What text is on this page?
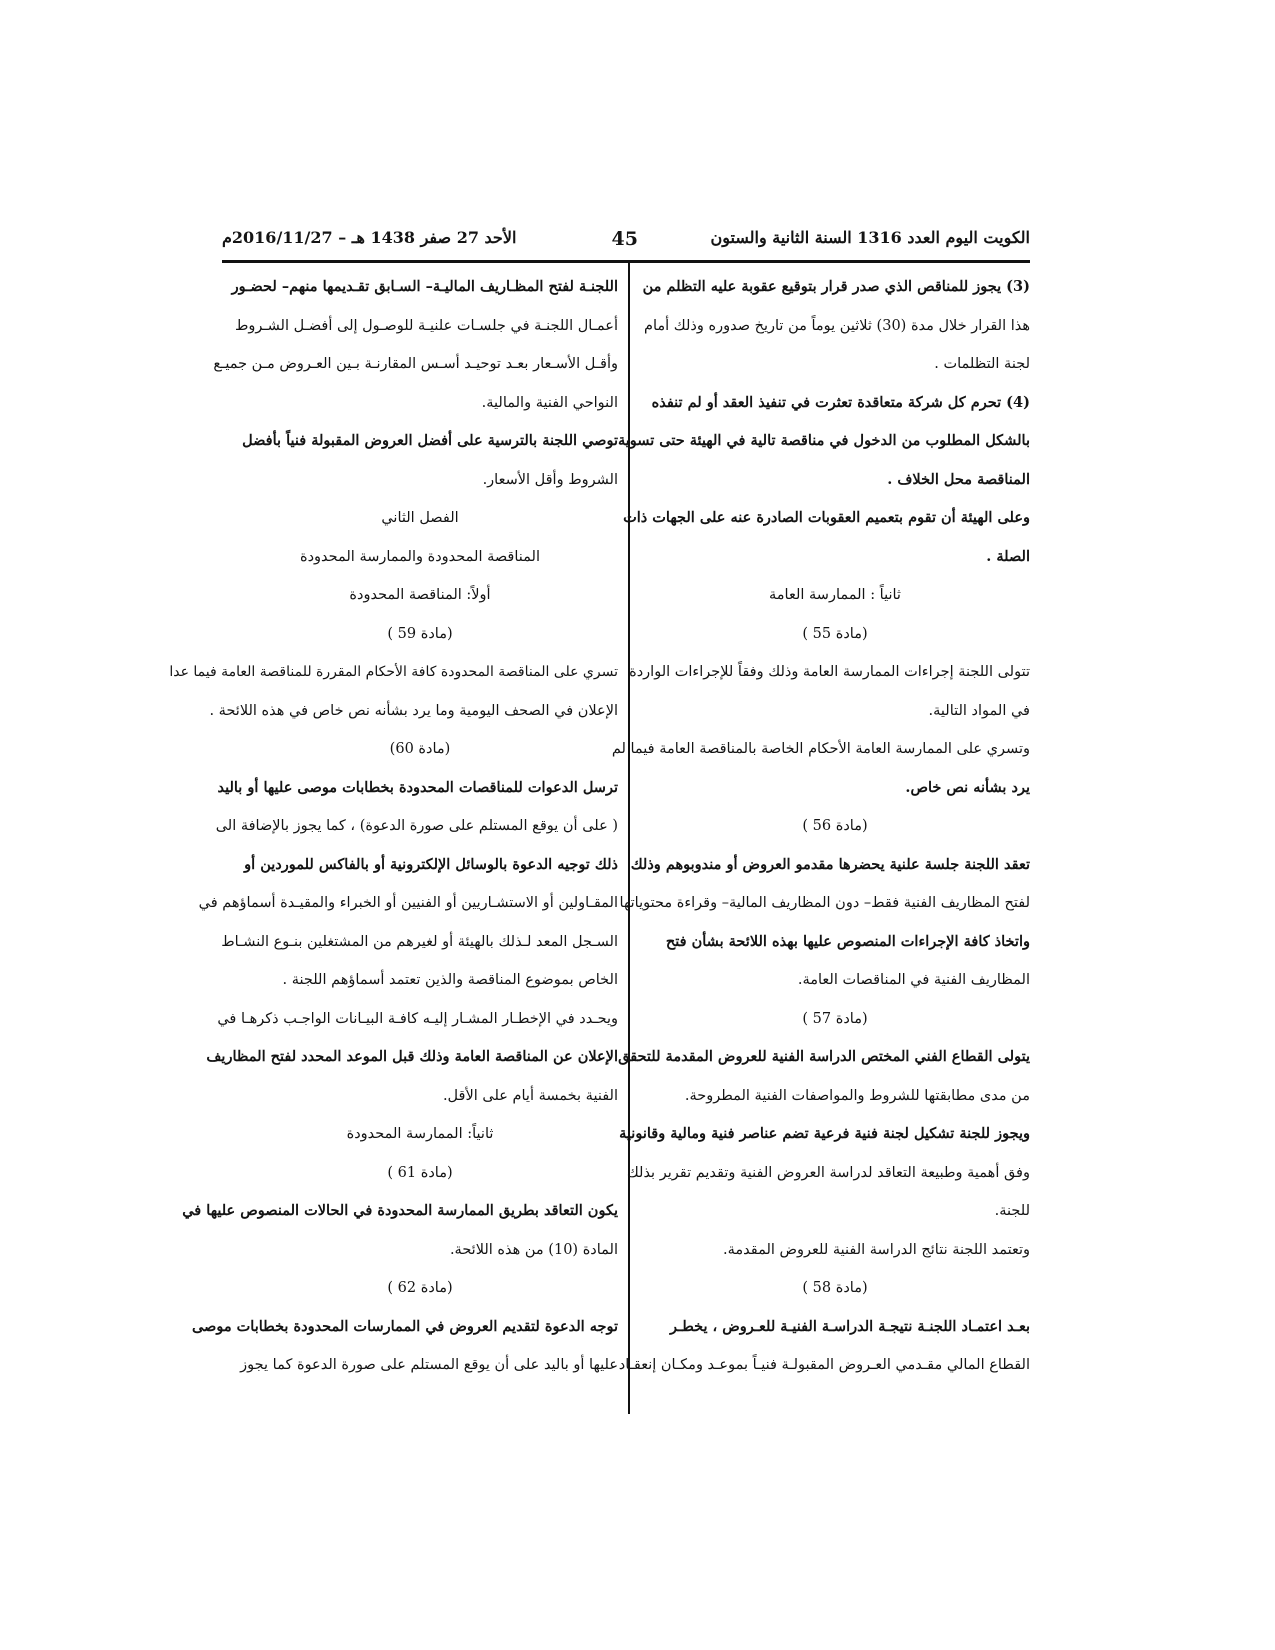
الكويت اليوم العدد 1316 السنة الثانية والستون
45
الأحد 27 صفر 1438 هـ – 2016/11/27م
(3) يجوز للمناقص الذي صدر قرار بتوقيع عقوبة عليه التظلم من
هذا القرار خلال مدة (30) ثلاثين يوماً من تاريخ صدوره وذلك أمام
لجنة التظلمات .
(4) تحرم كل شركة متعاقدة تعثرت في تنفيذ العقد أو لم تنفذه
بالشكل المطلوب من الدخول في مناقصة تالية في الهيئة حتى تسوية
المناقصة محل الخلاف .
وعلى الهيئة أن تقوم بتعميم العقوبات الصادرة عنه على الجهات ذات
الصلة .
ثانياً : الممارسة العامة
(مادة 55 )
تتولى اللجنة إجراءات الممارسة العامة وذلك وفقاً للإجراءات الواردة
في المواد التالية.
وتسري على الممارسة العامة الأحكام الخاصة بالمناقصة العامة فيما لم
يرد بشأنه نص خاص.
(مادة 56 )
تعقد اللجنة جلسة علنية يحضرها مقدمو العروض أو مندوبوهم وذلك
لفتح المظاريف الفنية فقط– دون المظاريف المالية– وقراءة محتوياتها
واتخاذ كافة الإجراءات المنصوص عليها بهذه اللائحة بشأن فتح
المظاريف الفنية في المناقصات العامة.
(مادة 57 )
يتولى القطاع الفني المختص الدراسة الفنية للعروض المقدمة للتحقق
من مدى مطابقتها للشروط والمواصفات الفنية المطروحة.
ويجوز للجنة تشكيل لجنة فنية فرعية تضم عناصر فنية ومالية وقانونية
وفق أهمية وطبيعة التعاقد لدراسة العروض الفنية وتقديم تقرير بذلك
للجنة.
وتعتمد اللجنة نتائج الدراسة الفنية للعروض المقدمة.
(مادة 58 )
بعـد اعتمـاد اللجنـة نتيجـة الدراسـة الفنيـة للعـروض ، يخطـر
القطاع المالي مقـدمي العـروض المقبولـة فنيـاً بموعـد ومكـان إنعقـاد
اللجنـة لفتح المظـاريف الماليـة– السـابق تقـديمها منهم– لحضـور
أعمـال اللجنـة في جلسـات علنيـة للوصـول إلى أفضـل الشـروط
وأقـل الأسـعار بعـد توحيـد أسـس المقارنـة بـين العـروض مـن جميـع
النواحي الفنية والمالية.
توصي اللجنة بالترسية على أفضل العروض المقبولة فنياً بأفضل
الشروط وأقل الأسعار.
الفصل الثاني
المناقصة المحدودة والممارسة المحدودة
أولاً: المناقصة المحدودة
(مادة 59 )
تسري على المناقصة المحدودة كافة الأحكام المقررة للمناقصة العامة فيما عدا
الإعلان في الصحف اليومية وما يرد بشأنه نص خاص في هذه اللائحة .
(مادة 60)
ترسل الدعوات للمناقصات المحدودة بخطابات موصى عليها أو باليد
( على أن يوقع المستلم على صورة الدعوة) ، كما يجوز بالإضافة الى
ذلك توجيه الدعوة بالوسائل الإلكترونية أو بالفاكس للموردين أو
المقـاولين أو الاستشـاريين أو الفنيين أو الخبراء والمقيـدة أسماؤهم في
السـجل المعد لـذلك بالهيئة أو لغيرهم من المشتغلين بنـوع النشـاط
الخاص بموضوع المناقصة والذين تعتمد أسماؤهم اللجنة .
ويحـدد في الإخطـار المشـار إليـه كافـة البيـانات الواجـب ذكرهـا في
الإعلان عن المناقصة العامة وذلك قبل الموعد المحدد لفتح المظاريف
الفنية بخمسة أيام على الأقل.
ثانياً: الممارسة المحدودة
(مادة 61 )
يكون التعاقد بطريق الممارسة المحدودة في الحالات المنصوص عليها في
المادة (10) من هذه اللائحة.
(مادة 62 )
توجه الدعوة لتقديم العروض في الممارسات المحدودة بخطابات موصى
عليها أو باليد على أن يوقع المستلم على صورة الدعوة كما يجوز
